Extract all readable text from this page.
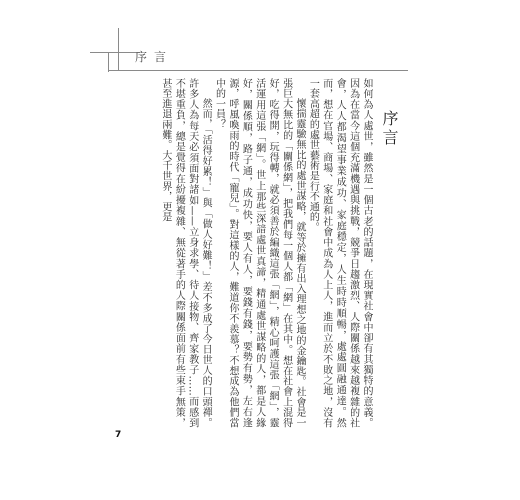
序言
序言

如何為人處世，雖然是一個古老的話題，在現實社會中卻有其獨特的意義。因為在當今這個充滿機遇與挑戰，競爭日趨激烈、人際關係越來越複雜的社會，人人都渴望事業成功、家庭穩定，人生時時順暢，處處圓融通達。然而，想在官場、商場、家庭和社會中成為人上人，進而立於不敗之地，沒有一套高超的處世藝術是行不通的。

懷揣靈驗無比的處世謀略，就等於擁有出入理想之地的金鑰匙。社會是一張巨大無比的「關係網」，把我們每一個人都「網」在其中。想在社會上混得好，吃得開，玩得轉，就必須善於編織這張「網」，精心呵護這張「網」，靈活運用這張「網」。世上那些深諳處世真諦，精通處世謀略的人，都是人緣好，關係順，路子通，成功快，要人有人，要錢有錢，要勢有勢，左右逢源，呼風喚雨的時代「寵兒」。對這樣的人，難道你不羨慕？不想成為他們當中的一員？

然而，「活得好累！」與「做人好難！」差不多成了今日世人的口頭禪。許多人為每天必須面對諸如——立身求學、待人接物、齊家教子……而感到不堪重負，總是覺得在紛擾複雜、無從著手的人際關係面前有些束手無策，甚至進退兩難。大千世界，更是

7
